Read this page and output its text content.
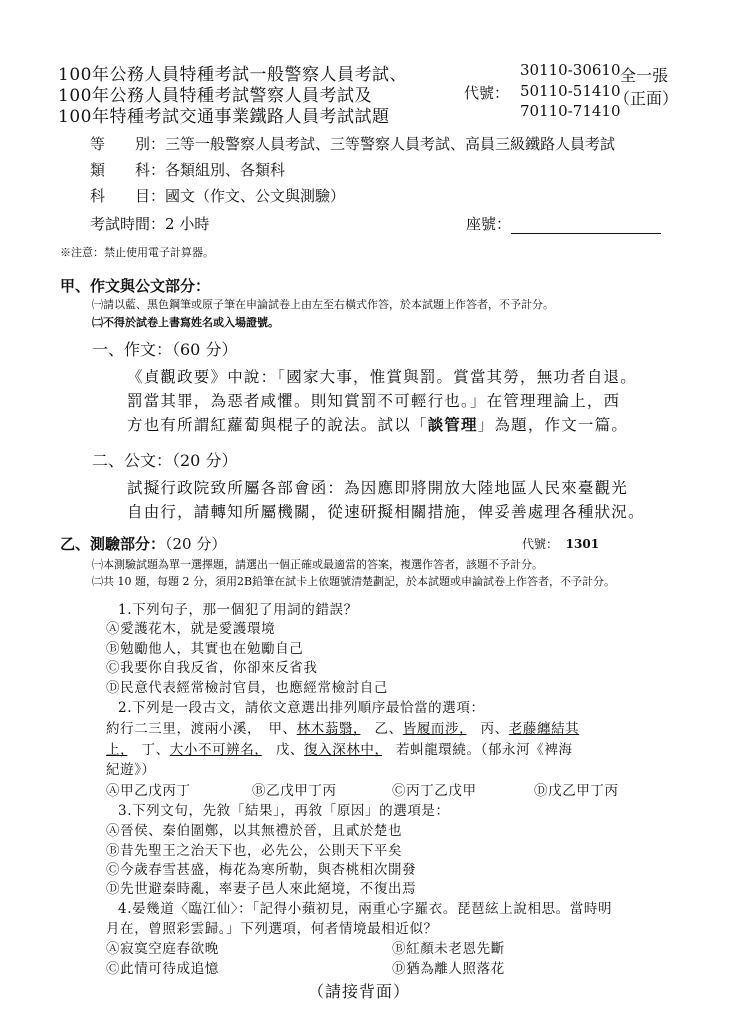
100年公務人員特種考試一般警察人員考試、
100年公務人員特種考試警察人員考試及
100年特種考試交通事業鐵路人員考試試題
代號：
30110-30610
50110-51410
70110-71410
全一張
（正面）
等　　別：三等一般警察人員考試、三等警察人員考試、高員三級鐵路人員考試
類　　科：各類組別、各類科
科　　目：國文（作文、公文與測驗）
考試時間：2 小時	座號：
※注意：禁止使用電子計算器。
甲、作文與公文部分：
㈠請以藍、黑色鋼筆或原子筆在申論試卷上由左至右橫式作答，於本試題上作答者，不予計分。
㈡不得於試卷上書寫姓名或入場證號。
一、作文：（60 分）
《貞觀政要》中說：「國家大事，惟賞與罰。賞當其勞，無功者自退。
罰當其罪，為惡者咸懼。則知賞罰不可輕行也。」在管理理論上，西
方也有所謂紅蘿蔔與棍子的說法。試以「談管理」為題，作文一篇。
二、公文：（20 分）
試擬行政院致所屬各部會函：為因應即將開放大陸地區人民來臺觀光
自由行，請轉知所屬機關，從速研擬相關措施，俾妥善處理各種狀況。
乙、測驗部分：（20 分）	代號： 1301
㈠本測驗試題為單一選擇題，請選出一個正確或最適當的答案，複選作答者，該題不予計分。
㈡共 10 題，每題 2 分，須用2B鉛筆在試卡上依題號清楚劃記，於本試題或申論試卷上作答者，不予計分。
1.下列句子，那一個犯了用詞的錯誤？
Ⓐ愛護花木，就是愛護環境
Ⓑ勉勵他人，其實也在勉勵自己
Ⓒ我要你自我反省，你卻來反省我
Ⓓ民意代表經常檢討官員，也應經常檢討自己
2.下列是一段古文，請依文意選出排列順序最恰當的選項：
約行二三里，渡兩小溪，　甲、林木蓊翳，　乙、皆履而涉，　丙、老藤纏結其
上，　丁、大小不可辨名，　戊、復入深林中，　若虯龍環繞。（郁永河《裨海
紀遊》）
Ⓐ甲乙戊丙丁	Ⓑ乙戊甲丁丙	Ⓒ丙丁乙戊甲	Ⓓ戊乙甲丁丙
3.下列文句，先敘「結果」，再敘「原因」的選項是：
Ⓐ晉侯、秦伯圍鄭，以其無禮於晉，且貳於楚也
Ⓑ昔先聖王之治天下也，必先公，公則天下平矣
Ⓒ今歲春雪甚盛，梅花為寒所勒，與杏桃相次開發
Ⓓ先世避秦時亂，率妻子邑人來此絕境，不復出焉
4.晏幾道〈臨江仙〉：「記得小蘋初見，兩重心字羅衣。琵琶絃上說相思。當時明
月在，曾照彩雲歸。」下列選項，何者情境最相近似？
Ⓐ寂寞空庭春欲晚	Ⓑ紅顏未老恩先斷
Ⓒ此情可待成追憶	Ⓓ猶為離人照落花
（請接背面）
